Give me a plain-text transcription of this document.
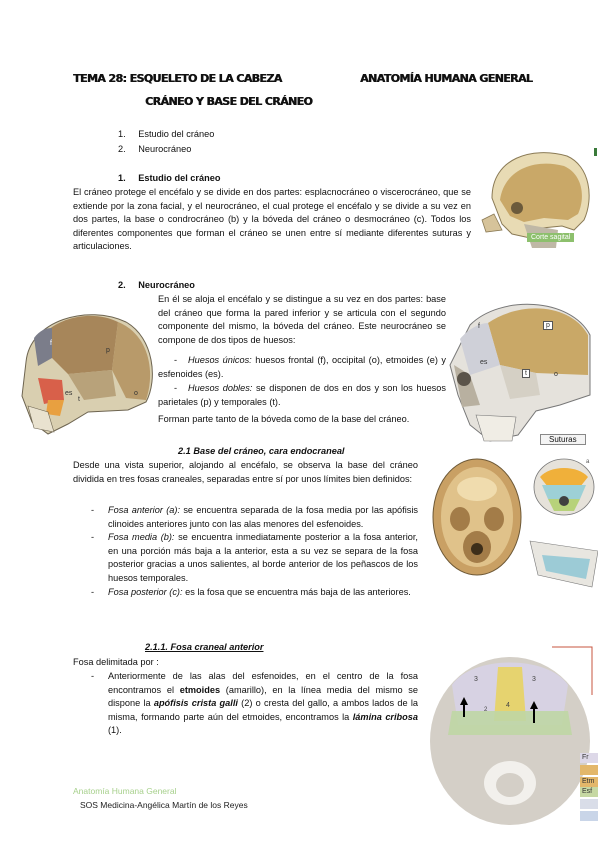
TEMA 28: ESQUELETO DE LA CABEZA
CRÁNEO Y BASE DEL CRÁNEO
ANATOMÍA HUMANA GENERAL
1. Estudio del cráneo
2. Neurocráneo
1. Estudio del cráneo
El cráneo protege el encéfalo y se divide en dos partes: esplacnocráneo o viscerocráneo, que se extiende por la zona facial, y el neurocráneo, el cual protege el encéfalo y se divide a su vez en dos partes, la base o condrocráneo (b) y la bóveda del cráneo o desmocráneo (c). Todos los diferentes componentes que forman el cráneo se unen entre sí mediante diferentes suturas y articulaciones.
Corte sagital
2. Neurocráneo
f
p
o
es
t
En él se aloja el encéfalo y se distingue a su vez en dos partes: base del cráneo que forma la pared inferior y se articula con el segundo componente del mismo, la bóveda del cráneo. Este neurocráneo se compone de dos tipos de huesos:
- Huesos únicos: huesos frontal (f), occipital (o), etmoides (e) y esfenoides (es).
- Huesos dobles: se disponen de dos en dos y son los huesos parietales (p) y temporales (t).
Forman parte tanto de la bóveda como de la base del cráneo.
f	p
t
es
o
Suturas
2.1 Base del cráneo, cara endocraneal
Desde una vista superior, alojando al encéfalo, se observa la base del cráneo dividida en tres fosas craneales, separadas entre sí por unos límites bien definidos:
- Fosa anterior (a): se encuentra separada de la fosa media por las apófisis clinoides anteriores junto con las alas menores del esfenoides.
- Fosa media (b): se encuentra inmediatamente posterior a la fosa anterior, en una porción más baja a la anterior, esta a su vez se separa de la fosa posterior gracias a unos salientes, al borde anterior de los peñascos de los huesos temporales.
- Fosa posterior (c): es la fosa que se encuentra más baja de las anteriores.
a
2.1.1. Fosa craneal anterior
Fosa delimitada por :
- Anteriormente de las alas del esfenoides, en el centro de la fosa encontramos el etmoides (amarillo), en la línea media del mismo se dispone la apófisis crista galli (2) o cresta del gallo, a ambos lados de la misma, formando parte aún del etmoides, encontramos la lámina cribosa (1).
3	3
4
2
Fr
Etm
Esf
Anatomía Humana General
SOS Medicina-Angélica Martín de los Reyes
